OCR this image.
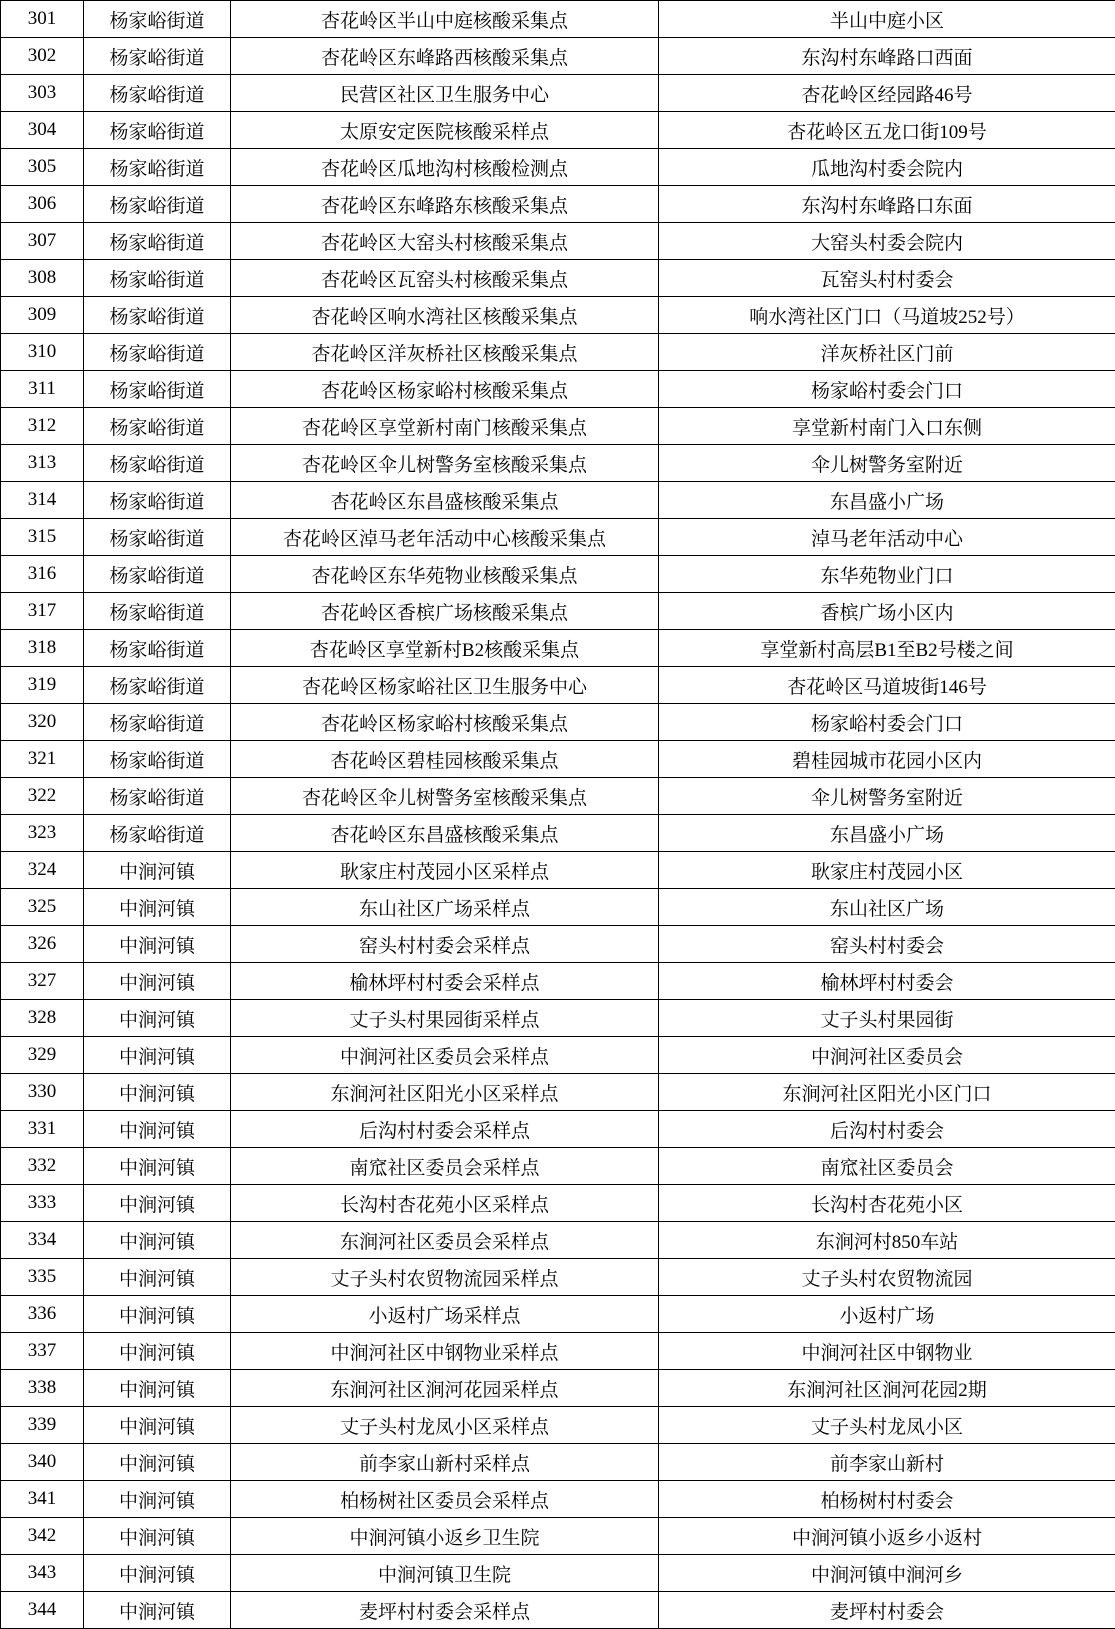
301	杨家峪街道	杏花岭区半山中庭核酸采集点	半山中庭小区
302	杨家峪街道	杏花岭区东峰路西核酸采集点	东沟村东峰路口西面
303	杨家峪街道	民营区社区卫生服务中心	杏花岭区经园路46号
304	杨家峪街道	太原安定医院核酸采样点	杏花岭区五龙口街109号
305	杨家峪街道	杏花岭区瓜地沟村核酸检测点	瓜地沟村委会院内
306	杨家峪街道	杏花岭区东峰路东核酸采集点	东沟村东峰路口东面
307	杨家峪街道	杏花岭区大窑头村核酸采集点	大窑头村委会院内
308	杨家峪街道	杏花岭区瓦窑头村核酸采集点	瓦窑头村村委会
309	杨家峪街道	杏花岭区响水湾社区核酸采集点	响水湾社区门口（马道坡252号）
310	杨家峪街道	杏花岭区洋灰桥社区核酸采集点	洋灰桥社区门前
311	杨家峪街道	杏花岭区杨家峪村核酸采集点	杨家峪村委会门口
312	杨家峪街道	杏花岭区享堂新村南门核酸采集点	享堂新村南门入口东侧
313	杨家峪街道	杏花岭区伞儿树警务室核酸采集点	伞儿树警务室附近
314	杨家峪街道	杏花岭区东昌盛核酸采集点	东昌盛小广场
315	杨家峪街道	杏花岭区淖马老年活动中心核酸采集点	淖马老年活动中心
316	杨家峪街道	杏花岭区东华苑物业核酸采集点	东华苑物业门口
317	杨家峪街道	杏花岭区香槟广场核酸采集点	香槟广场小区内
318	杨家峪街道	杏花岭区享堂新村B2核酸采集点	享堂新村高层B1至B2号楼之间
319	杨家峪街道	杏花岭区杨家峪社区卫生服务中心	杏花岭区马道坡街146号
320	杨家峪街道	杏花岭区杨家峪村核酸采集点	杨家峪村委会门口
321	杨家峪街道	杏花岭区碧桂园核酸采集点	碧桂园城市花园小区内
322	杨家峪街道	杏花岭区伞儿树警务室核酸采集点	伞儿树警务室附近
323	杨家峪街道	杏花岭区东昌盛核酸采集点	东昌盛小广场
324	中涧河镇	耿家庄村茂园小区采样点	耿家庄村茂园小区
325	中涧河镇	东山社区广场采样点	东山社区广场
326	中涧河镇	窑头村村委会采样点	窑头村村委会
327	中涧河镇	榆林坪村村委会采样点	榆林坪村村委会
328	中涧河镇	丈子头村果园街采样点	丈子头村果园街
329	中涧河镇	中涧河社区委员会采样点	中涧河社区委员会
330	中涧河镇	东涧河社区阳光小区采样点	东涧河社区阳光小区门口
331	中涧河镇	后沟村村委会采样点	后沟村村委会
332	中涧河镇	南窊社区委员会采样点	南窊社区委员会
333	中涧河镇	长沟村杏花苑小区采样点	长沟村杏花苑小区
334	中涧河镇	东涧河社区委员会采样点	东涧河村850车站
335	中涧河镇	丈子头村农贸物流园采样点	丈子头村农贸物流园
336	中涧河镇	小返村广场采样点	小返村广场
337	中涧河镇	中涧河社区中钢物业采样点	中涧河社区中钢物业
338	中涧河镇	东涧河社区涧河花园采样点	东涧河社区涧河花园2期
339	中涧河镇	丈子头村龙凤小区采样点	丈子头村龙凤小区
340	中涧河镇	前李家山新村采样点	前李家山新村
341	中涧河镇	柏杨树社区委员会采样点	柏杨树村村委会
342	中涧河镇	中涧河镇小返乡卫生院	中涧河镇小返乡小返村
343	中涧河镇	中涧河镇卫生院	中涧河镇中涧河乡
344	中涧河镇	麦坪村村委会采样点	麦坪村村委会
